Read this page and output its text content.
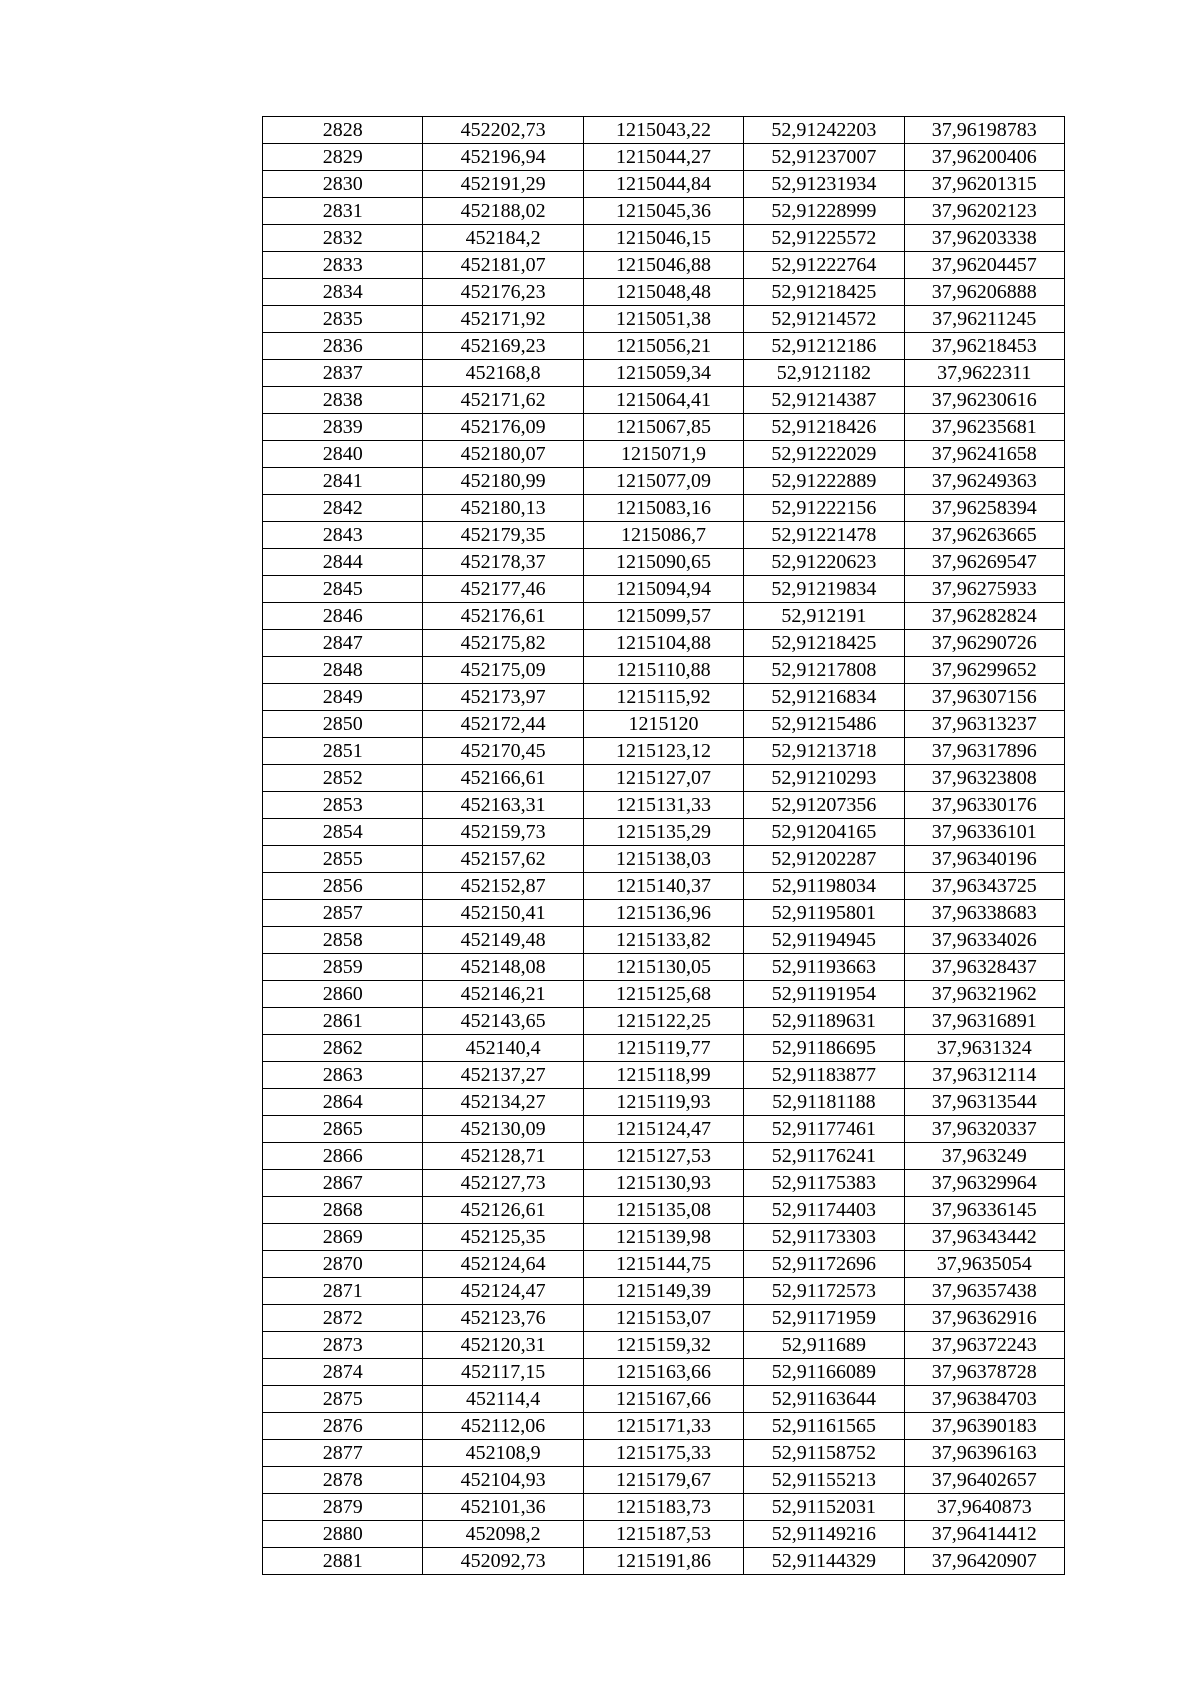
2828	452202,73	1215043,22	52,91242203	37,96198783
2829	452196,94	1215044,27	52,91237007	37,96200406
2830	452191,29	1215044,84	52,91231934	37,96201315
2831	452188,02	1215045,36	52,91228999	37,96202123
2832	452184,2	1215046,15	52,91225572	37,96203338
2833	452181,07	1215046,88	52,91222764	37,96204457
2834	452176,23	1215048,48	52,91218425	37,96206888
2835	452171,92	1215051,38	52,91214572	37,96211245
2836	452169,23	1215056,21	52,91212186	37,96218453
2837	452168,8	1215059,34	52,9121182	37,9622311
2838	452171,62	1215064,41	52,91214387	37,96230616
2839	452176,09	1215067,85	52,91218426	37,96235681
2840	452180,07	1215071,9	52,91222029	37,96241658
2841	452180,99	1215077,09	52,91222889	37,96249363
2842	452180,13	1215083,16	52,91222156	37,96258394
2843	452179,35	1215086,7	52,91221478	37,96263665
2844	452178,37	1215090,65	52,91220623	37,96269547
2845	452177,46	1215094,94	52,91219834	37,96275933
2846	452176,61	1215099,57	52,912191	37,96282824
2847	452175,82	1215104,88	52,91218425	37,96290726
2848	452175,09	1215110,88	52,91217808	37,96299652
2849	452173,97	1215115,92	52,91216834	37,96307156
2850	452172,44	1215120	52,91215486	37,96313237
2851	452170,45	1215123,12	52,91213718	37,96317896
2852	452166,61	1215127,07	52,91210293	37,96323808
2853	452163,31	1215131,33	52,91207356	37,96330176
2854	452159,73	1215135,29	52,91204165	37,96336101
2855	452157,62	1215138,03	52,91202287	37,96340196
2856	452152,87	1215140,37	52,91198034	37,96343725
2857	452150,41	1215136,96	52,91195801	37,96338683
2858	452149,48	1215133,82	52,91194945	37,96334026
2859	452148,08	1215130,05	52,91193663	37,96328437
2860	452146,21	1215125,68	52,91191954	37,96321962
2861	452143,65	1215122,25	52,91189631	37,96316891
2862	452140,4	1215119,77	52,91186695	37,9631324
2863	452137,27	1215118,99	52,91183877	37,96312114
2864	452134,27	1215119,93	52,91181188	37,96313544
2865	452130,09	1215124,47	52,91177461	37,96320337
2866	452128,71	1215127,53	52,91176241	37,963249
2867	452127,73	1215130,93	52,91175383	37,96329964
2868	452126,61	1215135,08	52,91174403	37,96336145
2869	452125,35	1215139,98	52,91173303	37,96343442
2870	452124,64	1215144,75	52,91172696	37,9635054
2871	452124,47	1215149,39	52,91172573	37,96357438
2872	452123,76	1215153,07	52,91171959	37,96362916
2873	452120,31	1215159,32	52,911689	37,96372243
2874	452117,15	1215163,66	52,91166089	37,96378728
2875	452114,4	1215167,66	52,91163644	37,96384703
2876	452112,06	1215171,33	52,91161565	37,96390183
2877	452108,9	1215175,33	52,91158752	37,96396163
2878	452104,93	1215179,67	52,91155213	37,96402657
2879	452101,36	1215183,73	52,91152031	37,9640873
2880	452098,2	1215187,53	52,91149216	37,96414412
2881	452092,73	1215191,86	52,91144329	37,96420907
